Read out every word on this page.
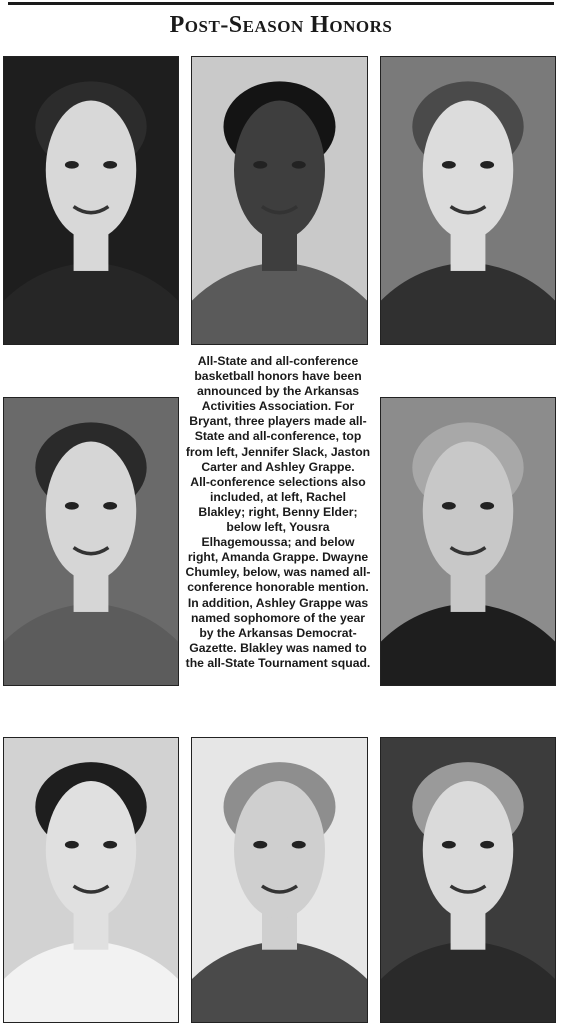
Post-Season Honors

All-State and all-conference basketball honors have been announced by the Arkansas Activities Association. For Bryant, three players made all-State and all-conference, top from left, Jennifer Slack, Jaston Carter and Ashley Grappe.

All-conference selections also included, at left, Rachel Blakley; right, Benny Elder; below left, Yousra Elhagemoussa; and below right, Amanda Grappe. Dwayne Chumley, below, was named all-conference honorable mention. In addition, Ashley Grappe was named sophomore of the year by the Arkansas Democrat-Gazette. Blakley was named to the all-State Tournament squad.
